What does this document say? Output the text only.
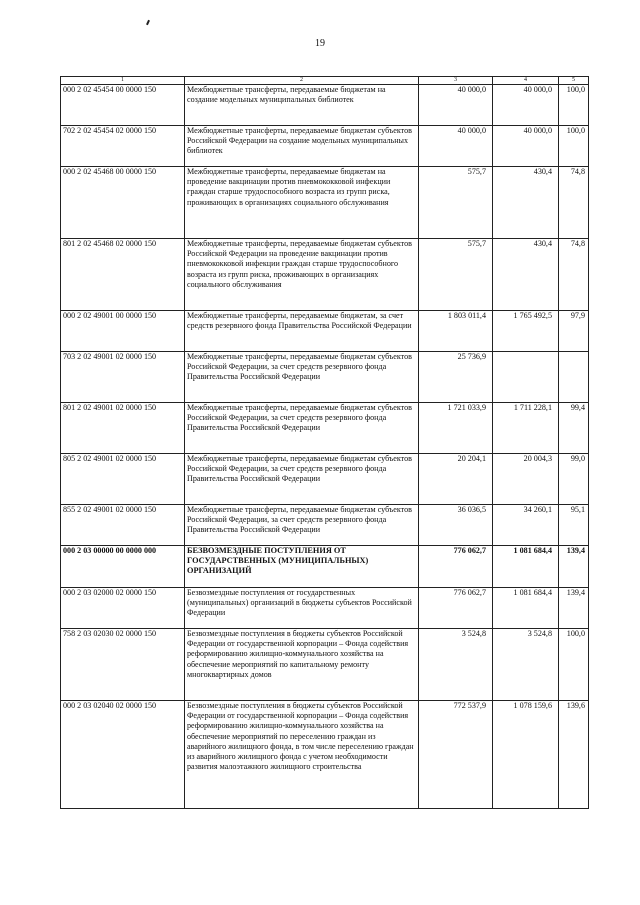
19
1	2	3	4	5
000 2 02 45454 00 0000 150	Межбюджетные трансферты, передаваемые бюджетам на создание модельных муниципальных библиотек	40 000,0	40 000,0	100,0
702 2 02 45454 02 0000 150	Межбюджетные трансферты, передаваемые бюджетам субъектов Российской Федерации на создание модельных муниципальных библиотек	40 000,0	40 000,0	100,0
000 2 02 45468 00 0000 150	Межбюджетные трансферты, передаваемые бюджетам на проведение вакцинации против пневмококковой инфекции граждан старше трудоспособного возраста из групп риска, проживающих в организациях социального обслуживания	575,7	430,4	74,8
801 2 02 45468 02 0000 150	Межбюджетные трансферты, передаваемые бюджетам субъектов Российской Федерации на проведение вакцинации против пневмококковой инфекции граждан старше трудоспособного возраста из групп риска, проживающих в организациях социального обслуживания	575,7	430,4	74,8
000 2 02 49001 00 0000 150	Межбюджетные трансферты, передаваемые бюджетам, за счет средств резервного фонда Правительства Российской Федерации	1 803 011,4	1 765 492,5	97,9
703 2 02 49001 02 0000 150	Межбюджетные трансферты, передаваемые бюджетам субъектов Российской Федерации, за счет средств резервного фонда Правительства Российской Федерации	25 736,9		
801 2 02 49001 02 0000 150	Межбюджетные трансферты, передаваемые бюджетам субъектов Российской Федерации, за счет средств резервного фонда Правительства Российской Федерации	1 721 033,9	1 711 228,1	99,4
805 2 02 49001 02 0000 150	Межбюджетные трансферты, передаваемые бюджетам субъектов Российской Федерации, за счет средств резервного фонда Правительства Российской Федерации	20 204,1	20 004,3	99,0
855 2 02 49001 02 0000 150	Межбюджетные трансферты, передаваемые бюджетам субъектов Российской Федерации, за счет средств резервного фонда Правительства Российской Федерации	36 036,5	34 260,1	95,1
000 2 03 00000 00 0000 000	БЕЗВОЗМЕЗДНЫЕ ПОСТУПЛЕНИЯ ОТ ГОСУДАРСТВЕННЫХ (МУНИЦИПАЛЬНЫХ) ОРГАНИЗАЦИЙ	776 062,7	1 081 684,4	139,4
000 2 03 02000 02 0000 150	Безвозмездные поступления от государственных (муниципальных) организаций в бюджеты субъектов Российской Федерации	776 062,7	1 081 684,4	139,4
758 2 03 02030 02 0000 150	Безвозмездные поступления в бюджеты субъектов Российской Федерации от государственной корпорации – Фонда содействия реформированию жилищно-коммунального хозяйства на обеспечение мероприятий по капитальному ремонту многоквартирных домов	3 524,8	3 524,8	100,0
000 2 03 02040 02 0000 150	Безвозмездные поступления в бюджеты субъектов Российской Федерации от государственной корпорации – Фонда содействия реформированию жилищно-коммунального хозяйства на обеспечение мероприятий по переселению граждан из аварийного жилищного фонда, в том числе переселению граждан из аварийного жилищного фонда с учетом необходимости развития малоэтажного жилищного строительства	772 537,9	1 078 159,6	139,6
